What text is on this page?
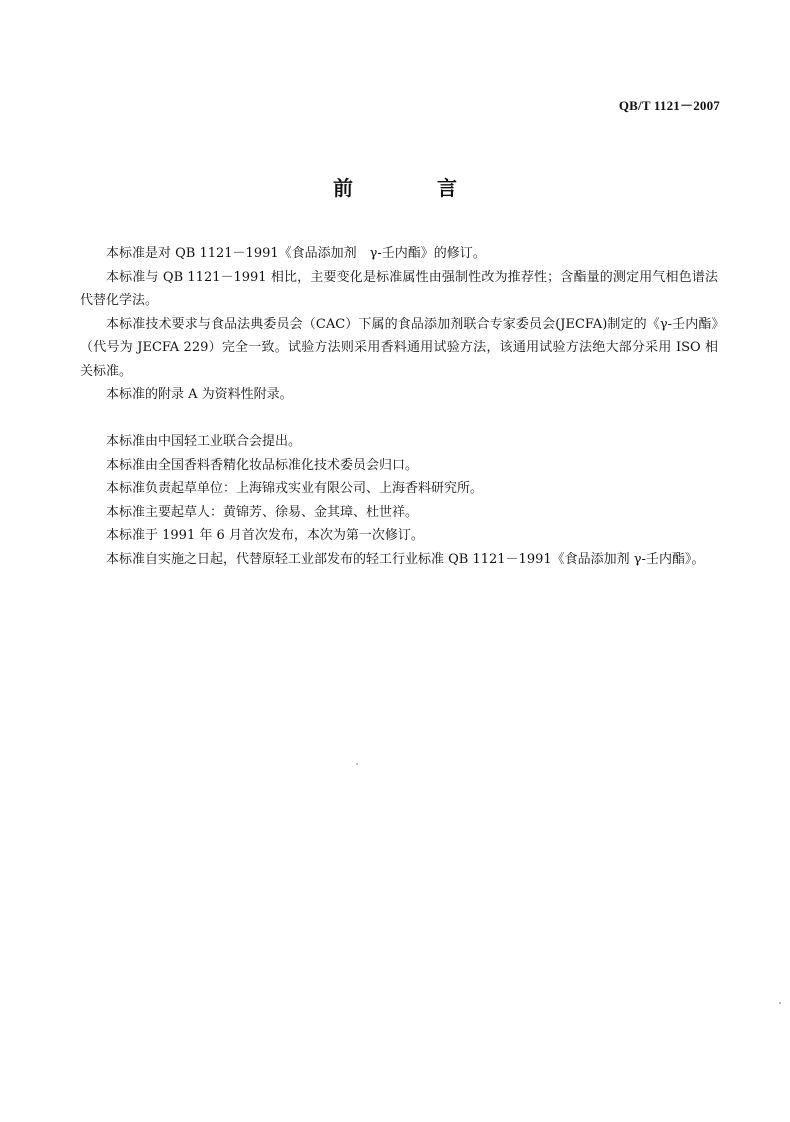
QB/T 1121－2007
前　言

本标准是对 QB 1121－1991《食品添加剂　γ-壬内酯》的修订。

本标准与 QB 1121－1991 相比，主要变化是标准属性由强制性改为推荐性；含酯量的测定用气相色谱法代替化学法。

本标准技术要求与食品法典委员会（CAC）下属的食品添加剂联合专家委员会(JECFA)制定的《γ-壬内酯》（代号为 JECFA 229）完全一致。试验方法则采用香料通用试验方法，该通用试验方法绝大部分采用 ISO 相关标准。

本标准的附录 A 为资料性附录。

本标准由中国轻工业联合会提出。

本标准由全国香料香精化妆品标准化技术委员会归口。

本标准负责起草单位：上海锦戎实业有限公司、上海香料研究所。

本标准主要起草人：黄锦芳、徐易、金其璋、杜世祥。

本标准于 1991 年 6 月首次发布，本次为第一次修订。

本标准自实施之日起，代替原轻工业部发布的轻工行业标准 QB 1121－1991《食品添加剂 γ-壬内酯》。
